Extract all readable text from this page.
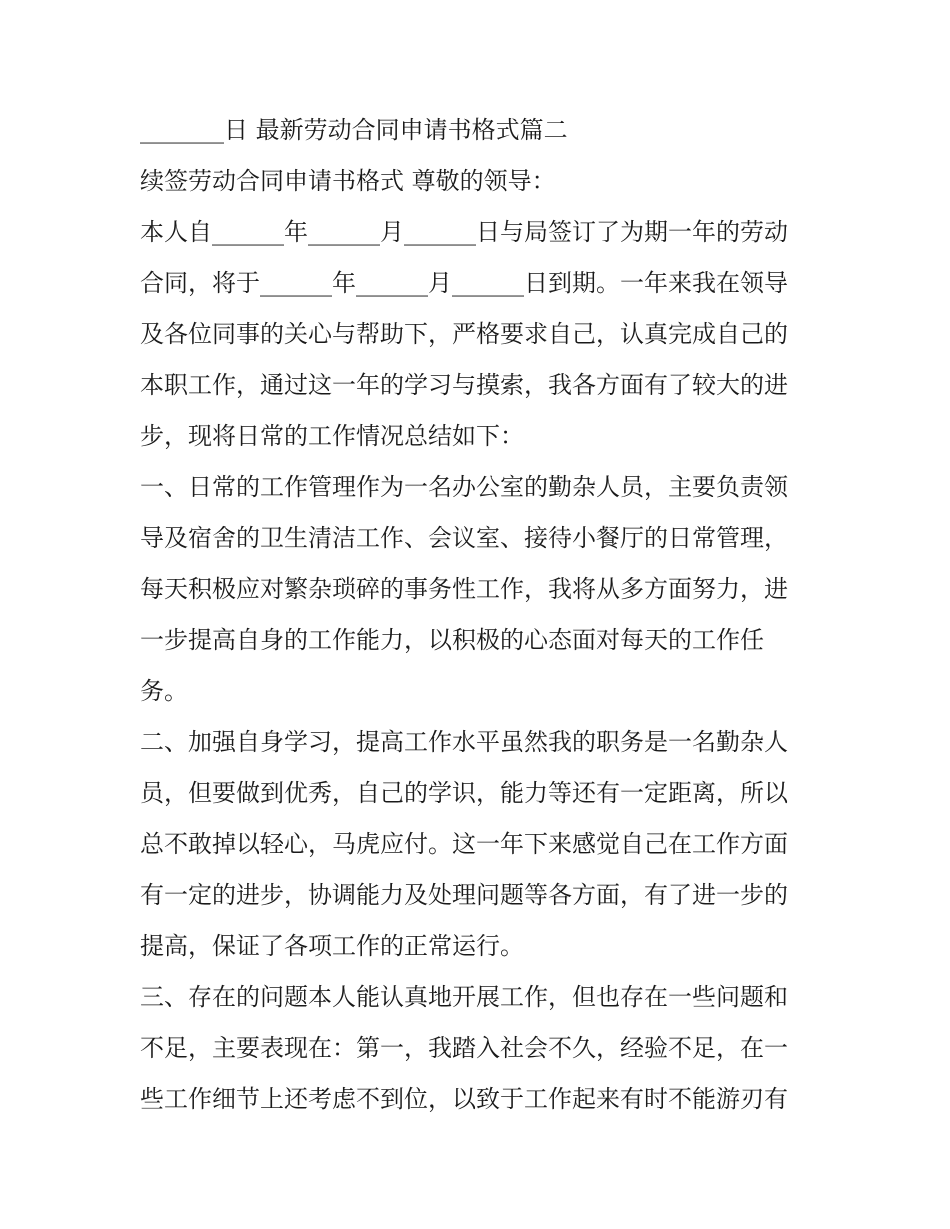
_______日 最新劳动合同申请书格式篇二
续签劳动合同申请书格式 尊敬的领导：
本人自______年______月______日与局签订了为期一年的劳动
合同，将于______年______月______日到期。一年来我在领导
及各位同事的关心与帮助下，严格要求自己，认真完成自己的
本职工作，通过这一年的学习与摸索，我各方面有了较大的进
步，现将日常的工作情况总结如下：
一、日常的工作管理作为一名办公室的勤杂人员，主要负责领
导及宿舍的卫生清洁工作、会议室、接待小餐厅的日常管理，
每天积极应对繁杂琐碎的事务性工作，我将从多方面努力，进
一步提高自身的工作能力，以积极的心态面对每天的工作任
务。
二、加强自身学习，提高工作水平虽然我的职务是一名勤杂人
员，但要做到优秀，自己的学识，能力等还有一定距离，所以
总不敢掉以轻心，马虎应付。这一年下来感觉自己在工作方面
有一定的进步，协调能力及处理问题等各方面，有了进一步的
提高，保证了各项工作的正常运行。
三、存在的问题本人能认真地开展工作，但也存在一些问题和
不足，主要表现在：第一，我踏入社会不久，经验不足，在一
些工作细节上还考虑不到位，以致于工作起来有时不能游刃有
